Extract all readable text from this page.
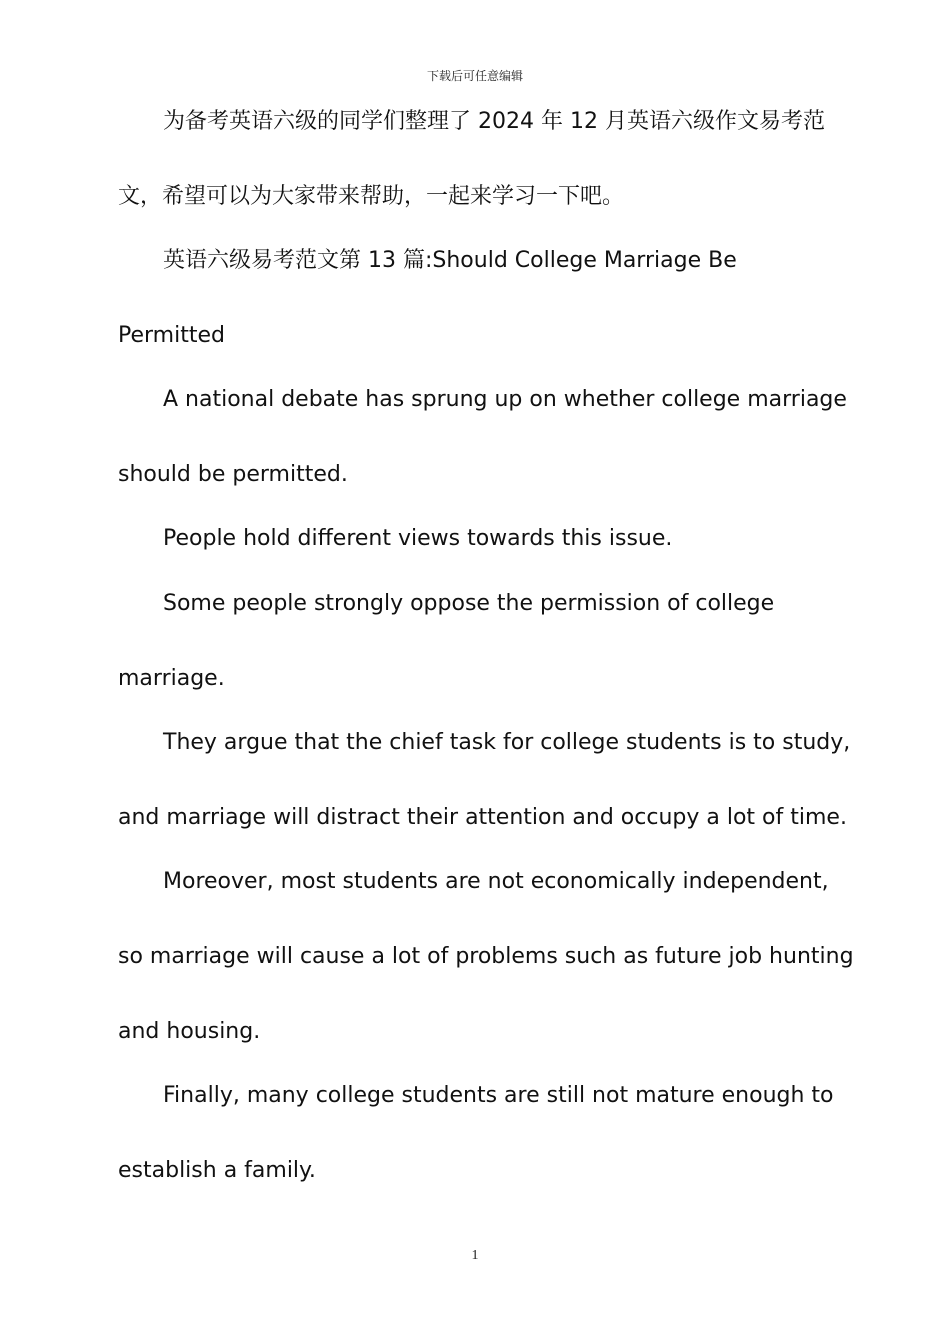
下载后可任意编辑
为备考英语六级的同学们整理了 2024 年 12 月英语六级作文易考范
文，希望可以为大家带来帮助，一起来学习一下吧。
英语六级易考范文第 13 篇:Should College Marriage Be
Permitted
A national debate has sprung up on whether college marriage
should be permitted.
People hold different views towards this issue.
Some people strongly oppose the permission of college
marriage.
They argue that the chief task for college students is to study,
and marriage will distract their attention and occupy a lot of time.
Moreover, most students are not economically independent,
so marriage will cause a lot of problems such as future job hunting
and housing.
Finally, many college students are still not mature enough to
establish a family.
1
